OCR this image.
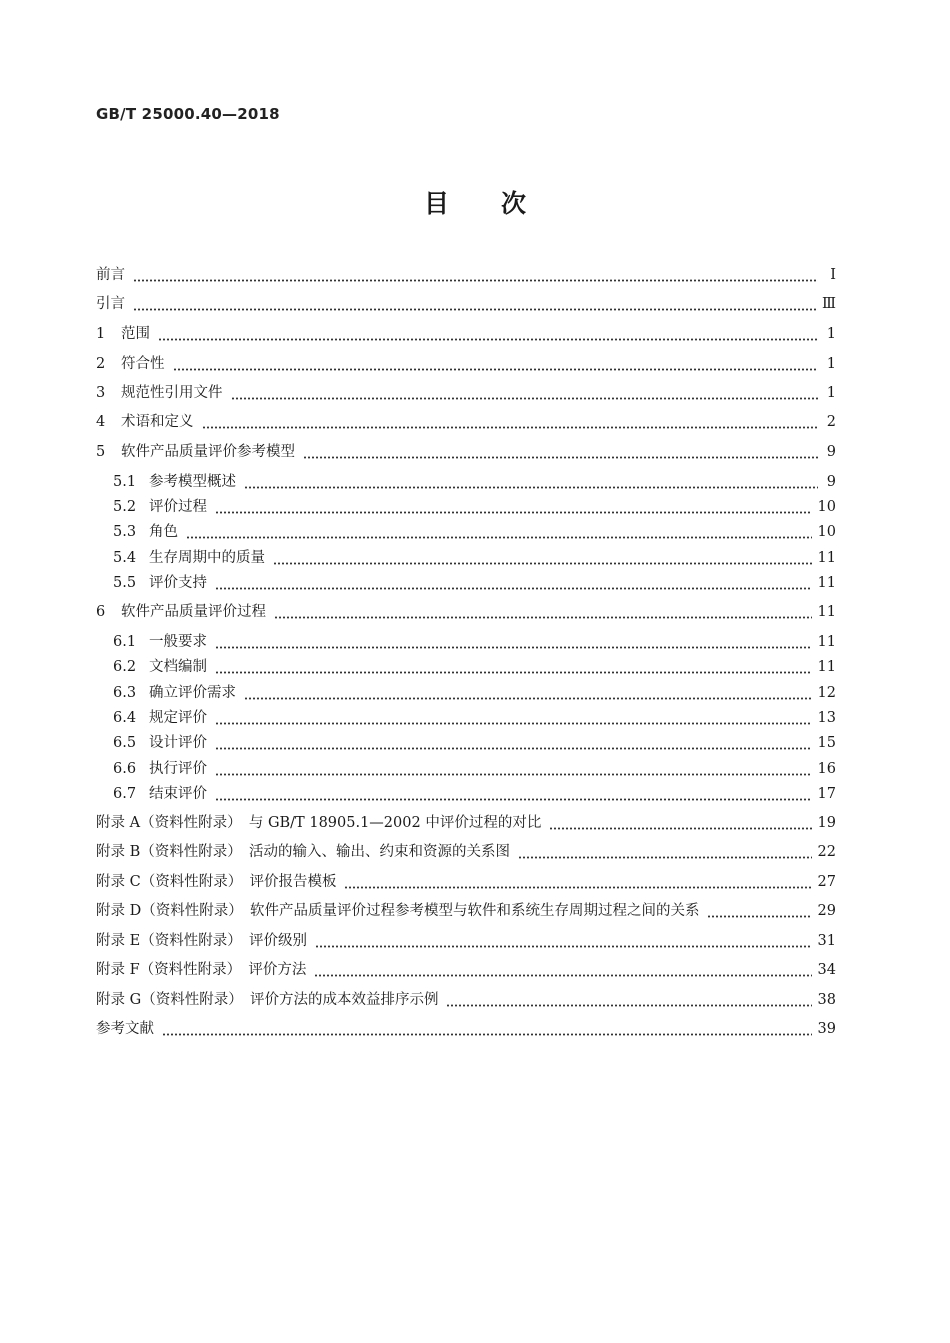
GB/T 25000.40—2018
目 次
前言	Ⅰ
引言	Ⅲ
1	范围	1
2	符合性	1
3	规范性引用文件	1
4	术语和定义	2
5	软件产品质量评价参考模型	9
5.1 参考模型概述	9
5.2 评价过程	10
5.3 角色	10
5.4 生存周期中的质量	11
5.5 评价支持	11
6	软件产品质量评价过程	11
6.1 一般要求	11
6.2 文档编制	11
6.3 确立评价需求	12
6.4 规定评价	13
6.5 设计评价	15
6.6 执行评价	16
6.7 结束评价	17
附录 A（资料性附录）　与 GB/T 18905.1—2002 中评价过程的对比	19
附录 B（资料性附录）　活动的输入、输出、约束和资源的关系图	22
附录 C（资料性附录）　评价报告模板	27
附录 D（资料性附录）　软件产品质量评价过程参考模型与软件和系统生存周期过程之间的关系	29
附录 E（资料性附录）　评价级别	31
附录 F（资料性附录）　评价方法	34
附录 G（资料性附录）　评价方法的成本效益排序示例	38
参考文献	39
